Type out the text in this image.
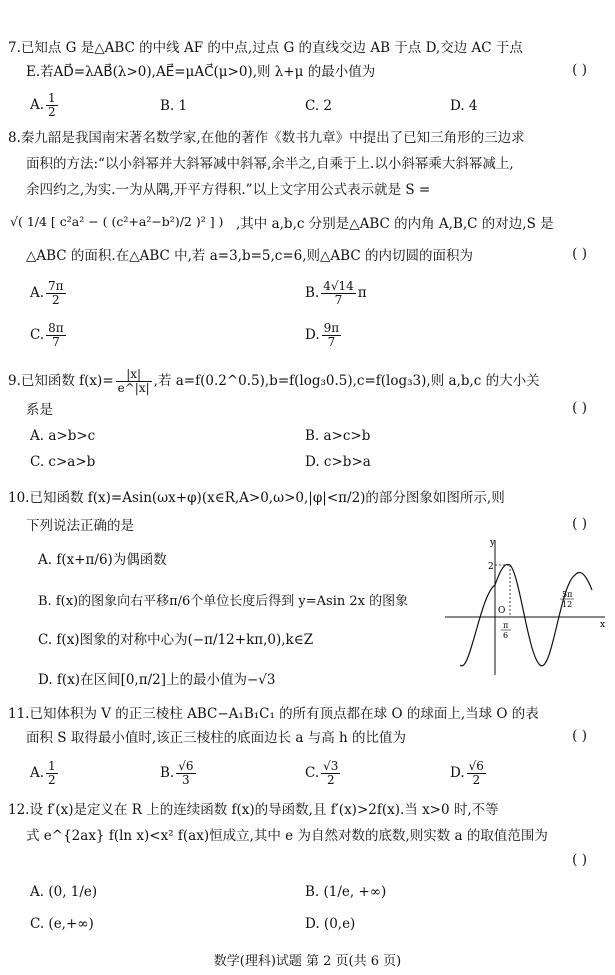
7.已知点 G 是△ABC 的中线 AF 的中点,过点 G 的直线交边 AB 于点 D,交边 AC 于点
E.若AD⃗=λAB⃗(λ>0),AE⃗=μAC⃗(μ>0),则 λ+μ 的最小值为	( )
A. $\frac{1}{2}$	B. 1	C. 2	D. 4
8.秦九韶是我国南宋著名数学家,在他的著作《数书九章》中提出了已知三角形的三边求
面积的方法:“以小斜幂并大斜幂减中斜幂,余半之,自乘于上.以小斜幂乘大斜幂减上,
余四约之,为实.一为从隅,开平方得积.”以上文字用公式表示就是 S =
√( 1/4 [ c²a² − ( (c²+a²−b²)/2 )² ] ) ,其中 a,b,c 分别是△ABC 的内角 A,B,C 的对边,S 是
△ABC 的面积.在△ABC 中,若 a=3,b=5,c=6,则△ABC 的内切圆的面积为	( )
A. $\frac{7\pi}{2}$	B. $\frac{4√14}{7}$ π
C. $\frac{8\pi}{7}$	D. $\frac{9\pi}{7}$
9.已知函数 $f(x)= \frac{|x|}{e\^{}|x|}$ ,若 a=f(0.2^0.5),b=f(log₃0.5),c=f(log₃3),则 a,b,c 的大小关
系是	( )
A. a>b>c	B. a>c>b
C. c>a>b	D. c>b>a
10.已知函数 f(x)=Asin(ωx+φ)(x∈R,A>0,ω>0,|φ|<π/2)的部分图象如图所示,则
下列说法正确的是	( )
A. f(x+π/6)为偶函数
B. f(x)的图象向右平移π/6个单位长度后得到 y=Asin 2x 的图象
C. f(x)图象的对称中心为(−π/12+kπ,0),k∈Z
D. f(x)在区间[0,π/2]上的最小值为−√3
y
x
O
2
π
6
5π
12
11.已知体积为 V 的正三棱柱 ABC−A₁B₁C₁ 的所有顶点都在球 O 的球面上,当球 O 的表
面积 S 取得最小值时,该正三棱柱的底面边长 a 与高 h 的比值为	( )
A. $\frac{1}{2}$	B. $\frac{√6}{3}$	C. $\frac{√3}{2}$	D. $\frac{√6}{2}$
12.设 f′(x)是定义在 R 上的连续函数 f(x)的导函数,且 f′(x)>2f(x).当 x>0 时,不等
式 e^{2ax} f(ln x)<x² f(ax)恒成立,其中 e 为自然对数的底数,则实数 a 的取值范围为
( )
A. (0, 1/e)	B. (1/e, +∞)
C. (e,+∞)	D. (0,e)
数学(理科)试题 第 2 页(共 6 页)
